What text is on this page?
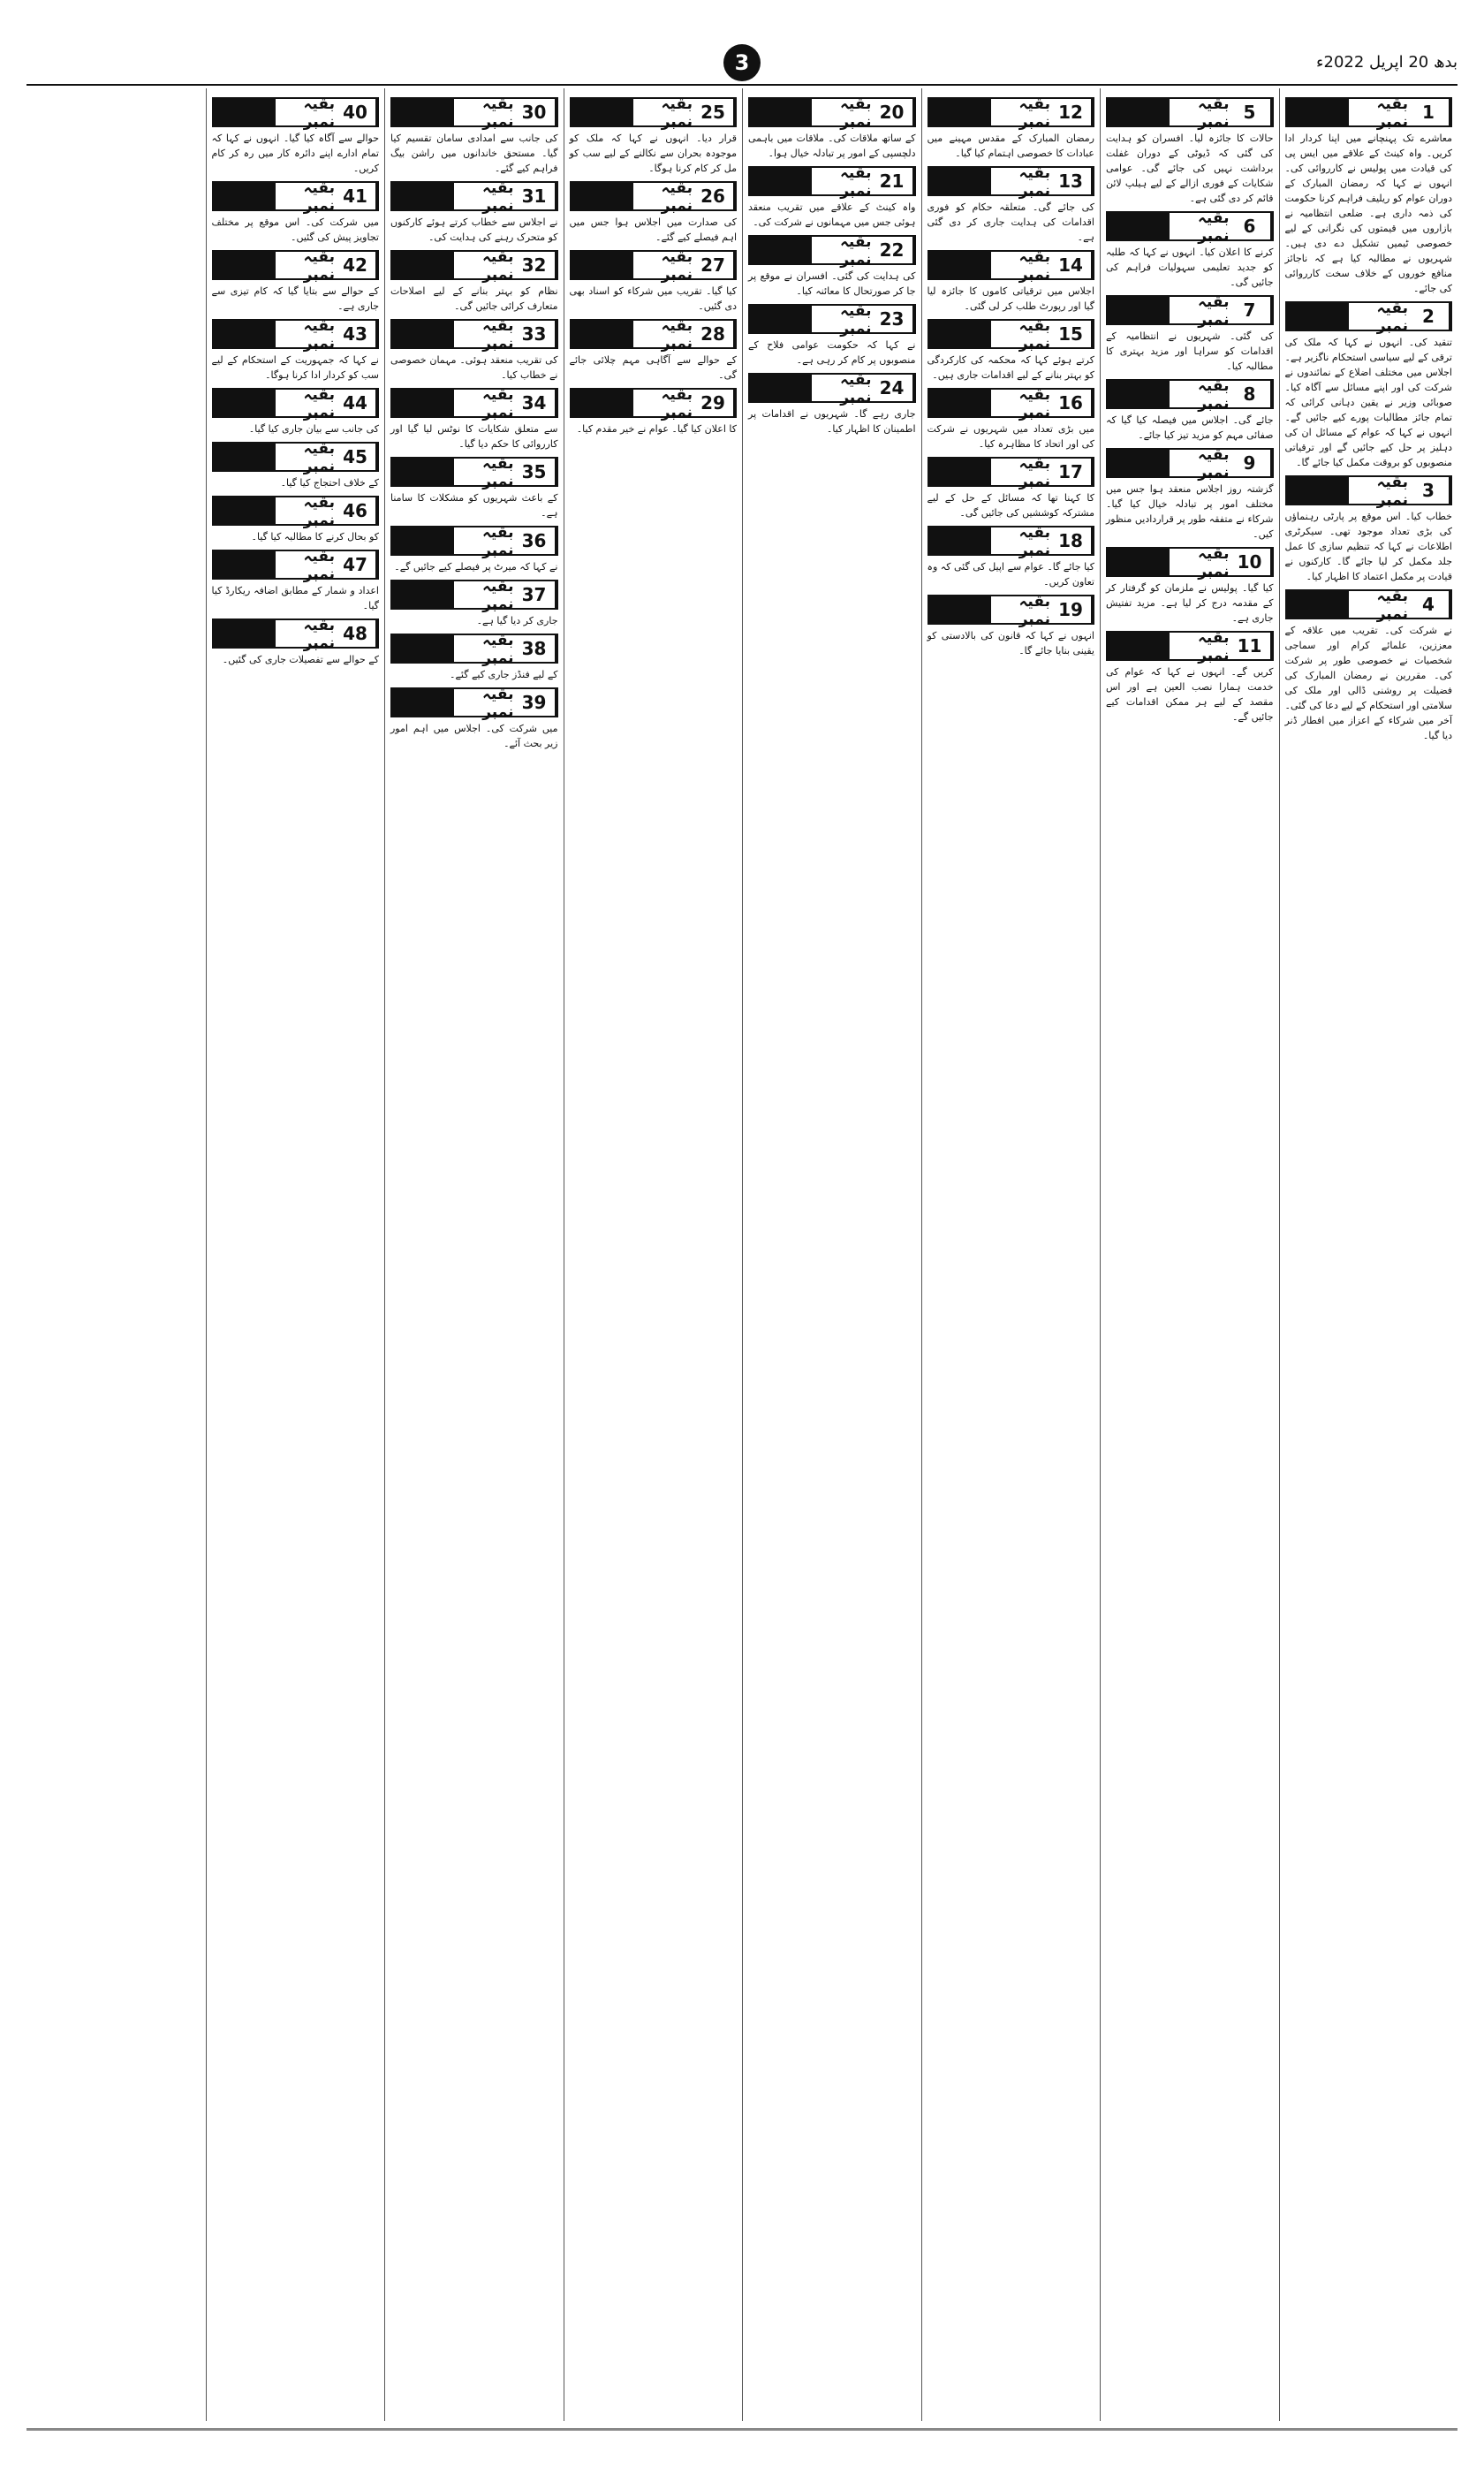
3	بدھ 20 اپریل 2022ء
1
بقیہ نمبر

معاشرے تک پہنچانے میں اپنا کردار ادا کریں۔ واہ کینٹ کے علاقے میں ایس پی کی قیادت میں پولیس نے کارروائی کی۔ انہوں نے کہا کہ رمضان المبارک کے دوران عوام کو ریلیف فراہم کرنا حکومت کی ذمہ داری ہے۔ ضلعی انتظامیہ نے بازاروں میں قیمتوں کی نگرانی کے لیے خصوصی ٹیمیں تشکیل دے دی ہیں۔ شہریوں نے مطالبہ کیا ہے کہ ناجائز منافع خوروں کے خلاف سخت کارروائی کی جائے۔

2
بقیہ نمبر

تنقید کی۔ انہوں نے کہا کہ ملک کی ترقی کے لیے سیاسی استحکام ناگزیر ہے۔ اجلاس میں مختلف اضلاع کے نمائندوں نے شرکت کی اور اپنے مسائل سے آگاہ کیا۔ صوبائی وزیر نے یقین دہانی کرائی کہ تمام جائز مطالبات پورے کیے جائیں گے۔ انہوں نے کہا کہ عوام کے مسائل ان کی دہلیز پر حل کیے جائیں گے اور ترقیاتی منصوبوں کو بروقت مکمل کیا جائے گا۔

3
بقیہ نمبر

خطاب کیا۔ اس موقع پر پارٹی رہنماؤں کی بڑی تعداد موجود تھی۔ سیکرٹری اطلاعات نے کہا کہ تنظیم سازی کا عمل جلد مکمل کر لیا جائے گا۔ کارکنوں نے قیادت پر مکمل اعتماد کا اظہار کیا۔

4
بقیہ نمبر

نے شرکت کی۔ تقریب میں علاقہ کے معززین، علمائے کرام اور سماجی شخصیات نے خصوصی طور پر شرکت کی۔ مقررین نے رمضان المبارک کی فضیلت پر روشنی ڈالی اور ملک کی سلامتی اور استحکام کے لیے دعا کی گئی۔ آخر میں شرکاء کے اعزاز میں افطار ڈنر دیا گیا۔

5
بقیہ نمبر

حالات کا جائزہ لیا۔ افسران کو ہدایت کی گئی کہ ڈیوٹی کے دوران غفلت برداشت نہیں کی جائے گی۔ عوامی شکایات کے فوری ازالے کے لیے ہیلپ لائن قائم کر دی گئی ہے۔

6
بقیہ نمبر

کرنے کا اعلان کیا۔ انہوں نے کہا کہ طلبہ کو جدید تعلیمی سہولیات فراہم کی جائیں گی۔

7
بقیہ نمبر

کی گئی۔ شہریوں نے انتظامیہ کے اقدامات کو سراہا اور مزید بہتری کا مطالبہ کیا۔

8
بقیہ نمبر

جائے گی۔ اجلاس میں فیصلہ کیا گیا کہ صفائی مہم کو مزید تیز کیا جائے۔

9
بقیہ نمبر

گزشتہ روز اجلاس منعقد ہوا جس میں مختلف امور پر تبادلہ خیال کیا گیا۔ شرکاء نے متفقہ طور پر قراردادیں منظور کیں۔

10
بقیہ نمبر

کیا گیا۔ پولیس نے ملزمان کو گرفتار کر کے مقدمہ درج کر لیا ہے۔ مزید تفتیش جاری ہے۔

11
بقیہ نمبر

کریں گے۔ انہوں نے کہا کہ عوام کی خدمت ہمارا نصب العین ہے اور اس مقصد کے لیے ہر ممکن اقدامات کیے جائیں گے۔

12
بقیہ نمبر

رمضان المبارک کے مقدس مہینے میں عبادات کا خصوصی اہتمام کیا گیا۔

13
بقیہ نمبر

کی جائے گی۔ متعلقہ حکام کو فوری اقدامات کی ہدایت جاری کر دی گئی ہے۔

14
بقیہ نمبر

اجلاس میں ترقیاتی کاموں کا جائزہ لیا گیا اور رپورٹ طلب کر لی گئی۔

15
بقیہ نمبر

کرتے ہوئے کہا کہ محکمہ کی کارکردگی کو بہتر بنانے کے لیے اقدامات جاری ہیں۔

16
بقیہ نمبر

میں بڑی تعداد میں شہریوں نے شرکت کی اور اتحاد کا مظاہرہ کیا۔

17
بقیہ نمبر

کا کہنا تھا کہ مسائل کے حل کے لیے مشترکہ کوششیں کی جائیں گی۔

18
بقیہ نمبر

کیا جائے گا۔ عوام سے اپیل کی گئی کہ وہ تعاون کریں۔

19
بقیہ نمبر

انہوں نے کہا کہ قانون کی بالادستی کو یقینی بنایا جائے گا۔

20
بقیہ نمبر

کے ساتھ ملاقات کی۔ ملاقات میں باہمی دلچسپی کے امور پر تبادلہ خیال ہوا۔

21
بقیہ نمبر

واہ کینٹ کے علاقے میں تقریب منعقد ہوئی جس میں مہمانوں نے شرکت کی۔

22
بقیہ نمبر

کی ہدایت کی گئی۔ افسران نے موقع پر جا کر صورتحال کا معائنہ کیا۔

23
بقیہ نمبر

نے کہا کہ حکومت عوامی فلاح کے منصوبوں پر کام کر رہی ہے۔

24
بقیہ نمبر

جاری رہے گا۔ شہریوں نے اقدامات پر اطمینان کا اظہار کیا۔

25
بقیہ نمبر

قرار دیا۔ انہوں نے کہا کہ ملک کو موجودہ بحران سے نکالنے کے لیے سب کو مل کر کام کرنا ہوگا۔

26
بقیہ نمبر

کی صدارت میں اجلاس ہوا جس میں اہم فیصلے کیے گئے۔

27
بقیہ نمبر

کیا گیا۔ تقریب میں شرکاء کو اسناد بھی دی گئیں۔

28
بقیہ نمبر

کے حوالے سے آگاہی مہم چلائی جائے گی۔

29
بقیہ نمبر

کا اعلان کیا گیا۔ عوام نے خیر مقدم کیا۔

30
بقیہ نمبر

کی جانب سے امدادی سامان تقسیم کیا گیا۔ مستحق خاندانوں میں راشن بیگ فراہم کیے گئے۔

31
بقیہ نمبر

نے اجلاس سے خطاب کرتے ہوئے کارکنوں کو متحرک رہنے کی ہدایت کی۔

32
بقیہ نمبر

نظام کو بہتر بنانے کے لیے اصلاحات متعارف کرائی جائیں گی۔

33
بقیہ نمبر

کی تقریب منعقد ہوئی۔ مہمان خصوصی نے خطاب کیا۔

34
بقیہ نمبر

سے متعلق شکایات کا نوٹس لیا گیا اور کارروائی کا حکم دیا گیا۔

35
بقیہ نمبر

کے باعث شہریوں کو مشکلات کا سامنا ہے۔

36
بقیہ نمبر

نے کہا کہ میرٹ پر فیصلے کیے جائیں گے۔

37
بقیہ نمبر

جاری کر دیا گیا ہے۔

38
بقیہ نمبر

کے لیے فنڈز جاری کیے گئے۔

39
بقیہ نمبر

میں شرکت کی۔ اجلاس میں اہم امور زیر بحث آئے۔

40
بقیہ نمبر

حوالے سے آگاہ کیا گیا۔ انہوں نے کہا کہ تمام ادارے اپنے دائرہ کار میں رہ کر کام کریں۔

41
بقیہ نمبر

میں شرکت کی۔ اس موقع پر مختلف تجاویز پیش کی گئیں۔

42
بقیہ نمبر

کے حوالے سے بتایا گیا کہ کام تیزی سے جاری ہے۔

43
بقیہ نمبر

نے کہا کہ جمہوریت کے استحکام کے لیے سب کو کردار ادا کرنا ہوگا۔

44
بقیہ نمبر

کی جانب سے بیان جاری کیا گیا۔

45
بقیہ نمبر

کے خلاف احتجاج کیا گیا۔

46
بقیہ نمبر

کو بحال کرنے کا مطالبہ کیا گیا۔

47
بقیہ نمبر

اعداد و شمار کے مطابق اضافہ ریکارڈ کیا گیا۔

48
بقیہ نمبر

کے حوالے سے تفصیلات جاری کی گئیں۔
